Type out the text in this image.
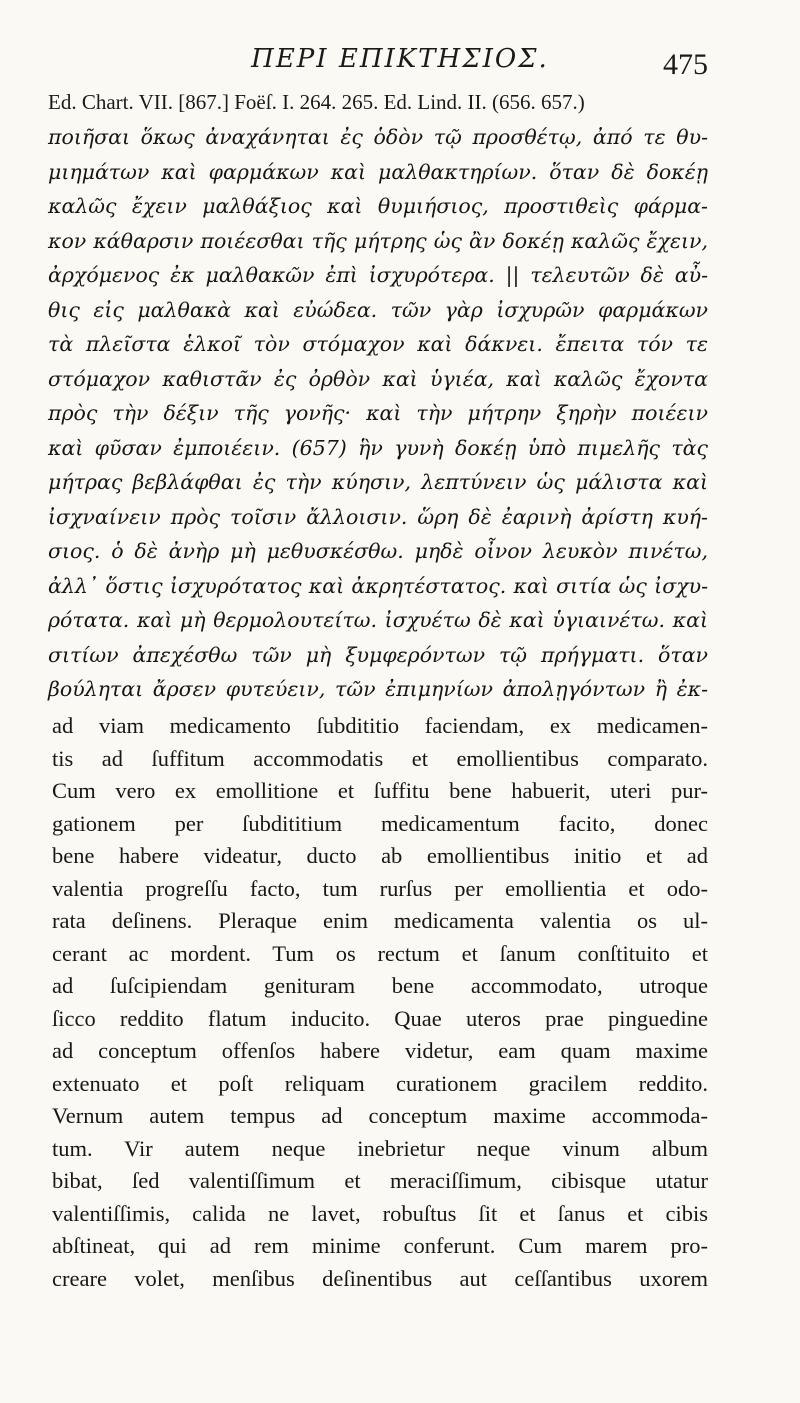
ΠΕΡΙ ΕΠΙΚΤΗΣΙΟΣ.	475
Ed. Chart. VII. [867.] Foëſ. I. 264. 265. Ed. Lind. II. (656. 657.)
ποιῆσαι ὅκως ἀναχάνηται ἐς ὁδὸν τῷ προσθέτῳ, ἀπό τε θυ-
μιημάτων καὶ φαρμάκων καὶ μαλθακτηρίων. ὅταν δὲ δοκέῃ
καλῶς ἔχειν μαλθάξιος καὶ θυμιήσιος, προστιθεὶς φάρμα-
κον κάθαρσιν ποιέεσθαι τῆς μήτρης ὡς ἂν δοκέῃ καλῶς ἔχειν,
ἀρχόμενος ἐκ μαλθακῶν ἐπὶ ἰσχυρότερα. || τελευτῶν δὲ αὖ-
θις εἰς μαλθακὰ καὶ εὐώδεα. τῶν γὰρ ἰσχυρῶν φαρμάκων
τὰ πλεῖστα ἑλκοῖ τὸν στόμαχον καὶ δάκνει. ἔπειτα τόν τε
στόμαχον καθιστᾶν ἐς ὀρθὸν καὶ ὑγιέα, καὶ καλῶς ἔχοντα
πρὸς τὴν δέξιν τῆς γονῆς· καὶ τὴν μήτρην ξηρὴν ποιέειν
καὶ φῦσαν ἐμποιέειν. (657) ἣν γυνὴ δοκέῃ ὑπὸ πιμελῆς τὰς
μήτρας βεβλάφθαι ἐς τὴν κύησιν, λεπτύνειν ὡς μάλιστα καὶ
ἰσχναίνειν πρὸς τοῖσιν ἄλλοισιν. ὥρη δὲ ἐαρινὴ ἀρίστη κυή-
σιος. ὁ δὲ ἀνὴρ μὴ μεθυσκέσθω. μηδὲ οἶνον λευκὸν πινέτω,
ἀλλ᾽ ὅστις ἰσχυρότατος καὶ ἀκρητέστατος. καὶ σιτία ὡς ἰσχυ-
ρότατα. καὶ μὴ θερμολουτείτω. ἰσχυέτω δὲ καὶ ὑγιαινέτω. καὶ
σιτίων ἀπεχέσθω τῶν μὴ ξυμφερόντων τῷ πρήγματι. ὅταν
βούληται ἄρσεν φυτεύειν, τῶν ἐπιμηνίων ἀπολῃγόντων ἢ ἐκ-
ad viam medicamento ſubdititio faciendam, ex medicamen-
tis ad ſuffitum accommodatis et emollientibus comparato.
Cum vero ex emollitione et ſuffitu bene habuerit, uteri pur-
gationem per ſubdititium medicamentum facito, donec
bene habere videatur, ducto ab emollientibus initio et ad
valentia progreſſu facto, tum rurſus per emollientia et odo-
rata deſinens. Pleraque enim medicamenta valentia os ul-
cerant ac mordent. Tum os rectum et ſanum conſtituito et
ad ſuſcipiendam genituram bene accommodato, utroque
ſicco reddito flatum inducito. Quae uteros prae pinguedine
ad conceptum offenſos habere videtur, eam quam maxime
extenuato et poſt reliquam curationem gracilem reddito.
Vernum autem tempus ad conceptum maxime accommoda-
tum. Vir autem neque inebrietur neque vinum album
bibat, ſed valentiſſimum et meraciſſimum, cibisque utatur
valentiſſimis, calida ne lavet, robuſtus ſit et ſanus et cibis
abſtineat, qui ad rem minime conferunt. Cum marem pro-
creare volet, menſibus deſinentibus aut ceſſantibus uxorem
